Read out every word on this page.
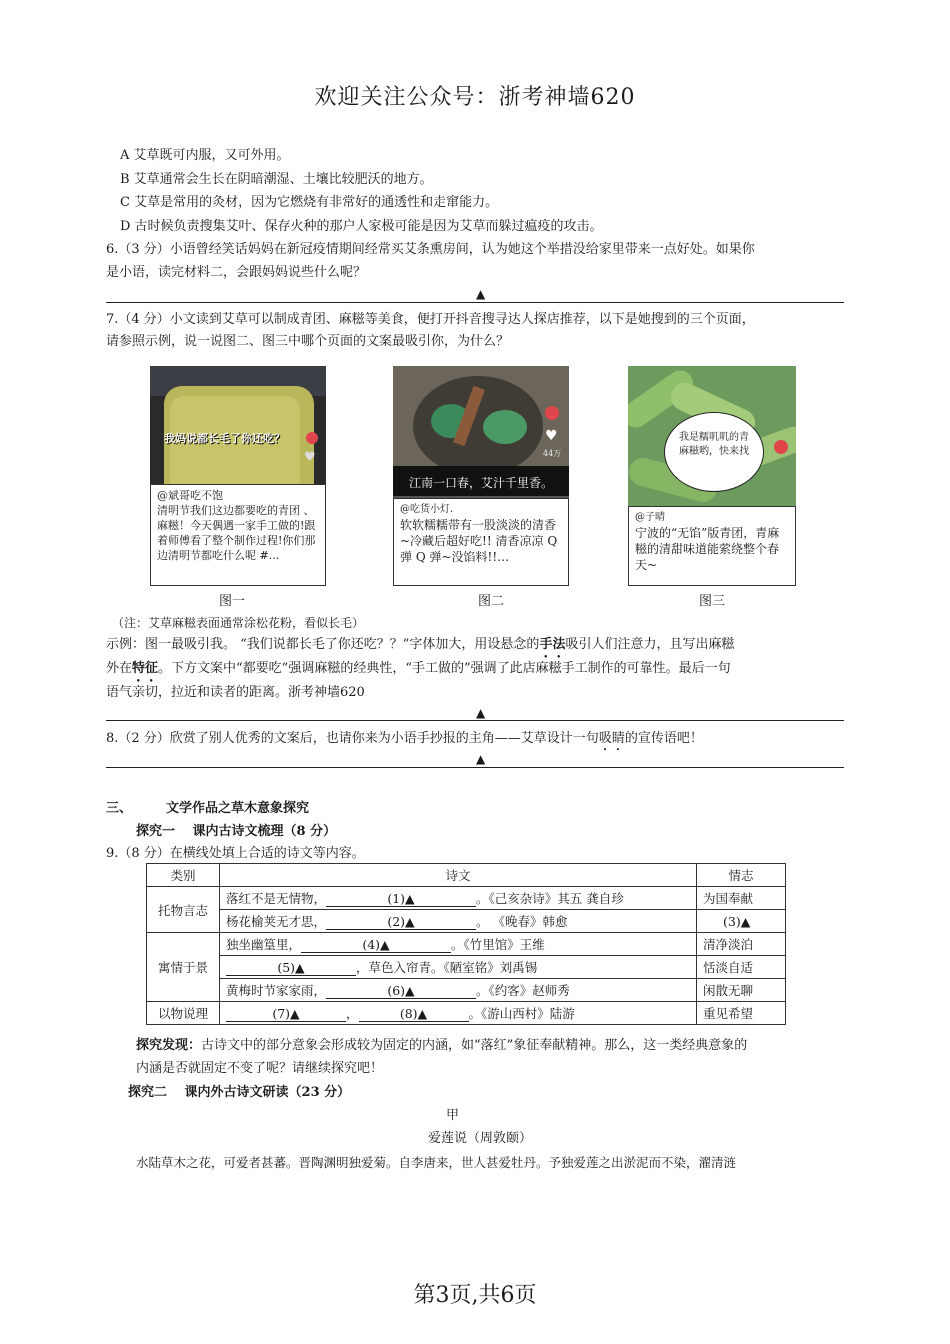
欢迎关注公众号：浙考神墙620
A 艾草既可内服，又可外用。
B 艾草通常会生长在阴暗潮湿、土壤比较肥沃的地方。
C 艾草是常用的灸材，因为它燃烧有非常好的通透性和走窜能力。
D 古时候负责搜集艾叶、保存火种的那户人家极可能是因为艾草而躲过瘟疫的攻击。
6.（3 分）小语曾经笑话妈妈在新冠疫情期间经常买艾条熏房间，认为她这个举措没给家里带来一点好处。如果你
是小语，读完材料二，会跟妈妈说些什么呢？
▲
7.（4 分）小文读到艾草可以制成青团、麻糍等美食，便打开抖音搜寻达人探店推荐，以下是她搜到的三个页面，
请参照示例，说一说图二、图三中哪个页面的文案最吸引你，为什么？
我妈说都长毛了你还吃？
♥
@斌哥吃不饱
清明节我们这边都要吃的青团 、麻糍！今天偶遇一家手工做的!跟着师傅看了整个制作过程!你们那边清明节都吃什么呢 #...
图一
♥
44万
江南一口春，艾汁千里香。
@吃货小灯.
软软糯糯带有一股淡淡的清香~冷藏后超好吃!! 清香凉凉 Q 弹 Q 弹~没馅料!!…
图二
我是糯叽叽的青麻糍哟，快来找
@子晴
宁波的“无馅”版青团，青麻糍的清甜味道能萦绕整个春天~
图三
（注：艾草麻糍表面通常涂松花粉，看似长毛）
示例：图一最吸引我。 “我们说都长毛了你还吃？？”字体加大，用设悬念的手法吸引人们注意力，且写出麻糍
外在特征。下方文案中“都要吃”强调麻糍的经典性，“手工做的”强调了此店麻糍手工制作的可靠性。最后一句
语气亲切，拉近和读者的距离。浙考神墙620
▲
8.（2 分）欣赏了别人优秀的文案后，也请你来为小语手抄报的主角——艾草设计一句吸睛的宣传语吧！
▲
三、	文学作品之草木意象探究
探究一　 课内古诗文梳理（8 分）
9.（8 分）在横线处填上合适的诗文等内容。
类别	诗文	情志
托物言志	落红不是无情物， (1)▲ 。《己亥杂诗》其五 龚自珍	为国奉献
	杨花榆荚无才思， (2)▲ 。 《晚春》韩愈	(3)▲
寓情于景	独坐幽篁里， (4)▲ 。《竹里馆》王维	清净淡泊
	(5)▲ ，草色入帘青。《陋室铭》刘禹锡	恬淡自适
	黄梅时节家家雨， (6)▲ 。《约客》赵师秀	闲散无聊
以物说理	(7)▲ ， (8)▲ 。《游山西村》陆游	重见希望
探究发现：古诗文中的部分意象会形成较为固定的内涵，如“落红”象征奉献精神。那么，这一类经典意象的
内涵是否就固定不变了呢？请继续探究吧！
探究二　 课内外古诗文研读（23 分）
甲
爱莲说（周敦颐）
水陆草木之花，可爱者甚蕃。晋陶渊明独爱菊。自李唐来，世人甚爱牡丹。予独爱莲之出淤泥而不染，濯清涟
第3页,共6页
